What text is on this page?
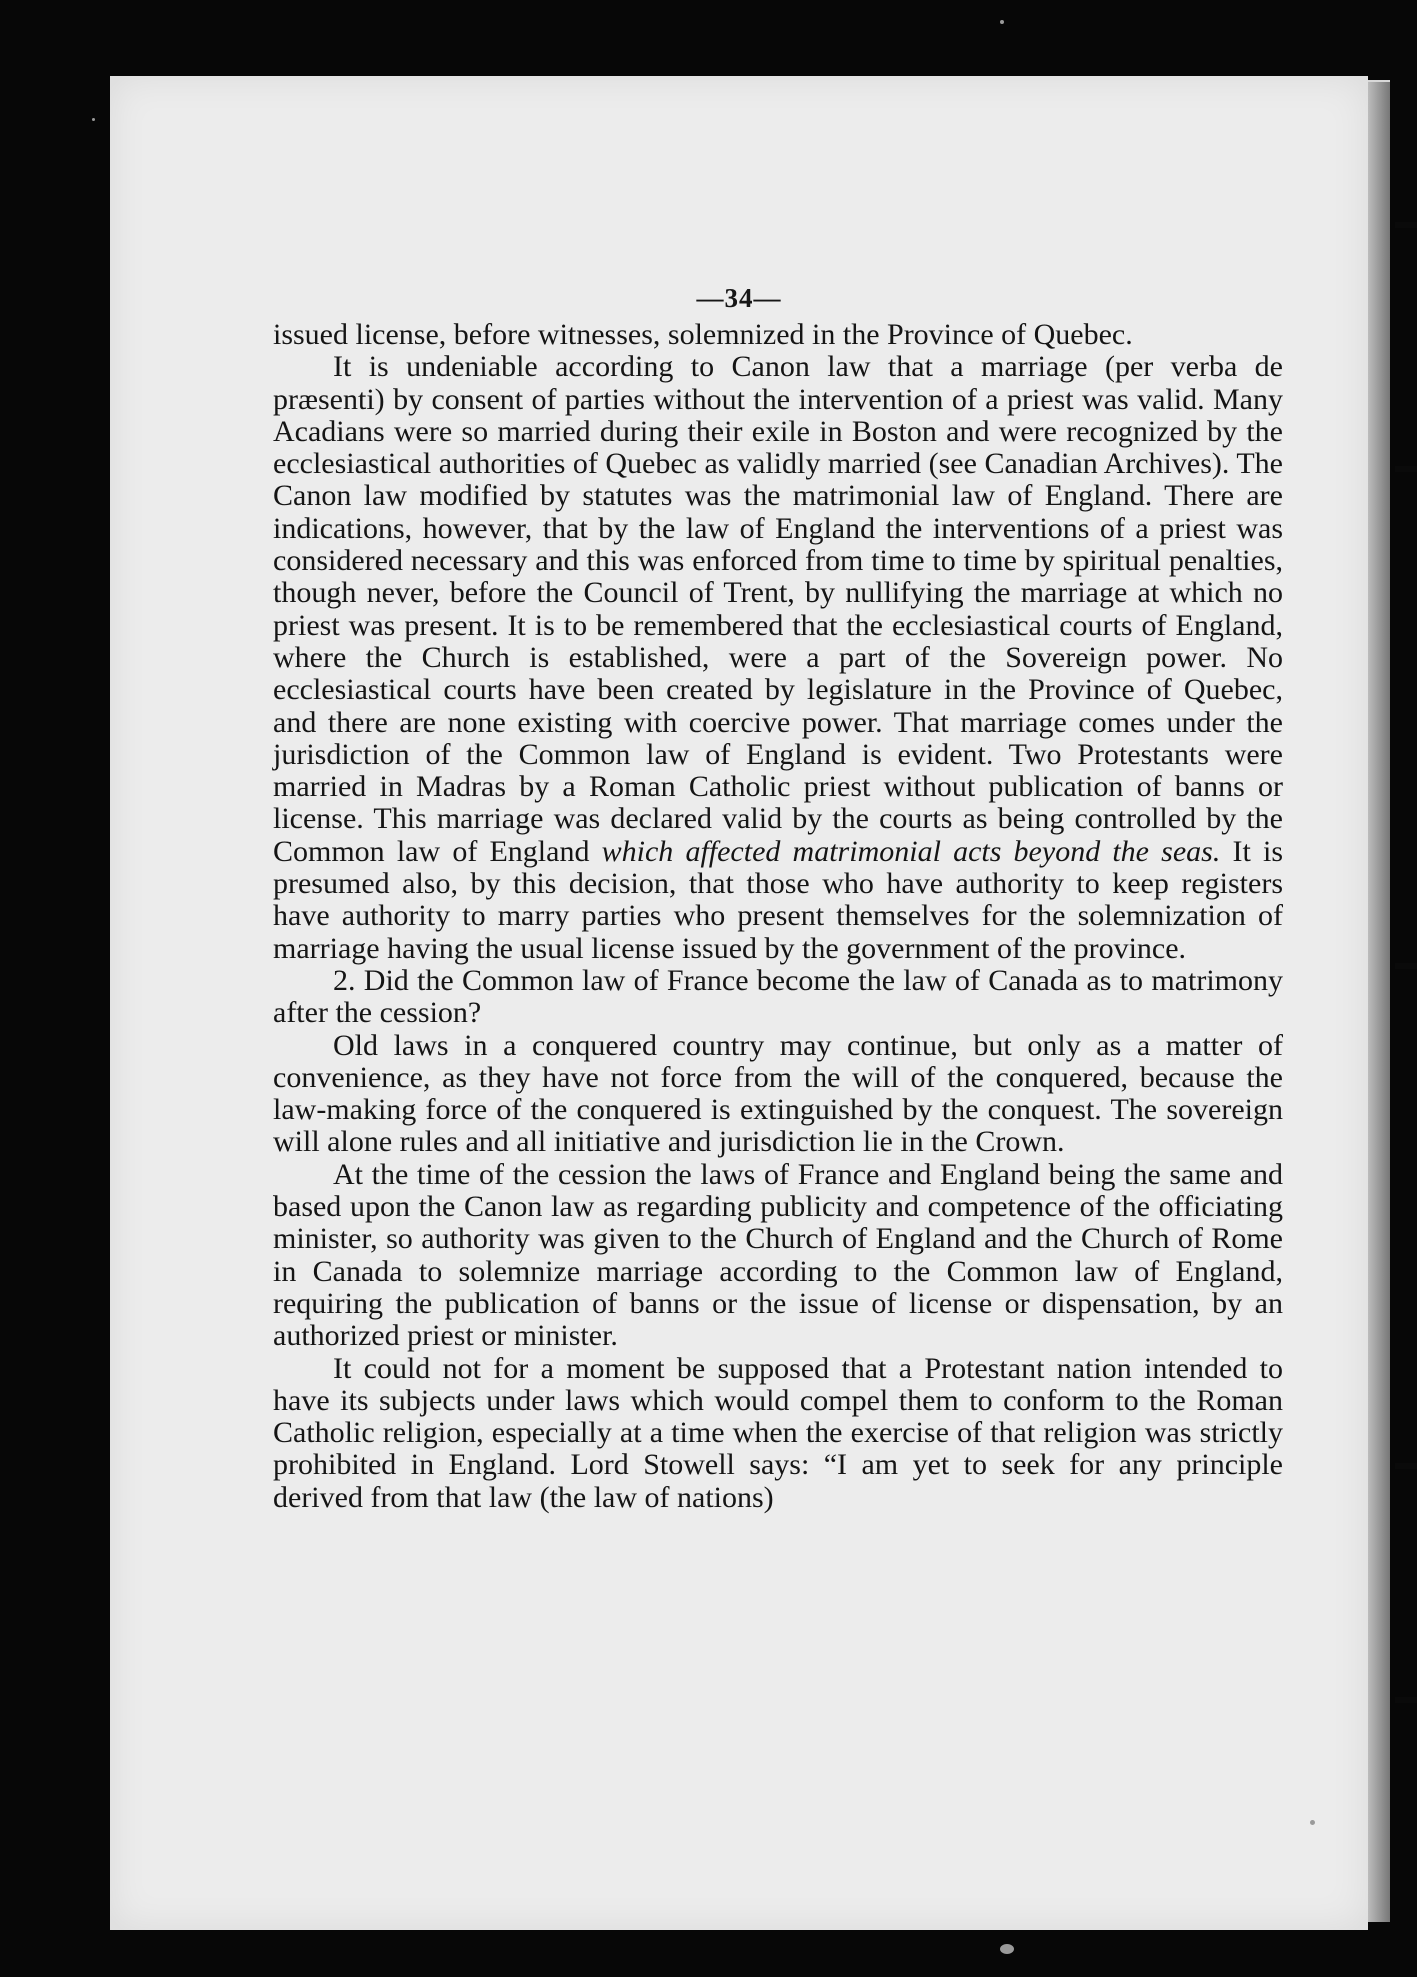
—34—

issued license, before witnesses, solemnized in the Province of Quebec.

It is undeniable according to Canon law that a marriage (per verba de præsenti) by consent of parties without the intervention of a priest was valid. Many Acadians were so married during their exile in Boston and were recognized by the ecclesiastical authorities of Quebec as validly married (see Canadian Archives). The Canon law modified by statutes was the matrimonial law of England. There are indications, however, that by the law of England the interventions of a priest was considered necessary and this was enforced from time to time by spiritual penalties, though never, before the Council of Trent, by nullifying the marriage at which no priest was present. It is to be remembered that the ecclesiastical courts of England, where the Church is established, were a part of the Sovereign power. No ecclesiastical courts have been created by legislature in the Province of Quebec, and there are none existing with coercive power. That marriage comes under the jurisdiction of the Common law of England is evident. Two Protestants were married in Madras by a Roman Catholic priest without publication of banns or license. This marriage was declared valid by the courts as being controlled by the Common law of England which affected matrimonial acts beyond the seas. It is presumed also, by this decision, that those who have authority to keep registers have authority to marry parties who present themselves for the solemnization of marriage having the usual license issued by the government of the province.

2. Did the Common law of France become the law of Canada as to matrimony after the cession?

Old laws in a conquered country may continue, but only as a matter of convenience, as they have not force from the will of the conquered, because the law-making force of the conquered is extinguished by the conquest. The sovereign will alone rules and all initiative and jurisdiction lie in the Crown.

At the time of the cession the laws of France and England being the same and based upon the Canon law as regarding publicity and competence of the officiating minister, so authority was given to the Church of England and the Church of Rome in Canada to solemnize marriage according to the Common law of England, requiring the publication of banns or the issue of license or dispensation, by an authorized priest or minister.

It could not for a moment be supposed that a Protestant nation intended to have its subjects under laws which would compel them to conform to the Roman Catholic religion, especially at a time when the exercise of that religion was strictly prohibited in England. Lord Stowell says: “I am yet to seek for any principle derived from that law (the law of nations)
